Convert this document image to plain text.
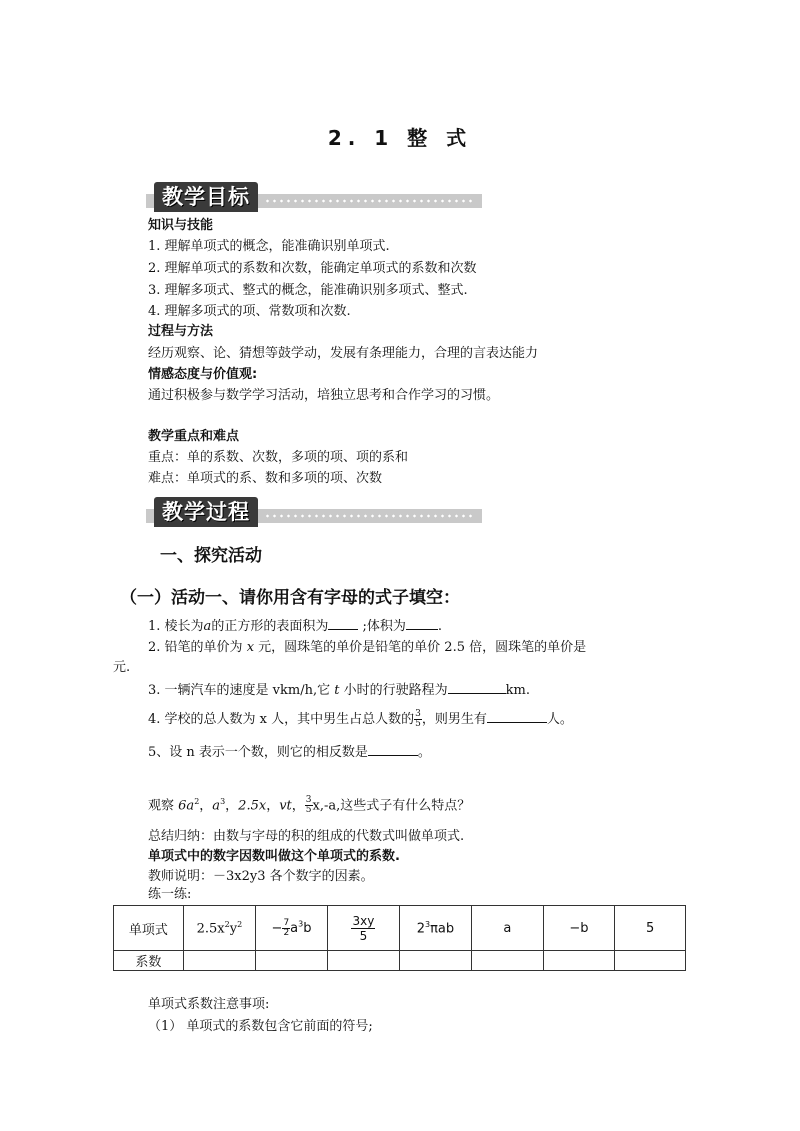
2. 1 整 式
教学目标
知识与技能
1. 理解单项式的概念，能准确识别单项式.
2. 理解单项式的系数和次数，能确定单项式的系数和次数
3. 理解多项式、整式的概念，能准确识别多项式、整式.
4. 理解多项式的项、常数项和次数.
过程与方法
经历观察、论、猜想等鼓学动，发展有条理能力，合理的言表达能力
情感态度与价值观:
通过积极参与数学学习活动，培独立思考和合作学习的习惯。
教学重点和难点
重点：单的系数、次数，多项的项、项的系和
难点：单项式的系、数和多项的项、次数
教学过程
一、探究活动
（一）活动一、请你用含有字母的式子填空：
1. 棱长为a的正方形的表面积为 ;体积为 .
2. 铅笔的单价为 x 元，圆珠笔的单价是铅笔的单价 2.5 倍，圆珠笔的单价是
元.
3. 一辆汽车的速度是 vkm/h,它 t 小时的行驶路程为	km.
4. 学校的总人数为 x 人，其中男生占总人数的 $\frac{3}{5}$ ，则男生有	人。
5、设 n 表示一个数，则它的相反数是	。
观察 $6a^2$，$a^3$，2.5x，vt， $\frac{3}{5} x,-a$,这些式子有什么特点？
总结归纳：由数与字母的积的组成的代数式叫做单项式.
单项式中的数字因数叫做这个单项式的系数.
教师说明：－3x2y3 各个数字的因素。
练一练:
单项式	$2.5x^2y^2$	− $\frac{7}{2} a^3b$	$\frac{3xy}{5}$	$2^3\pi ab$	a	−b	5
系数							
单项式系数注意事项:
（1） 单项式的系数包含它前面的符号;
